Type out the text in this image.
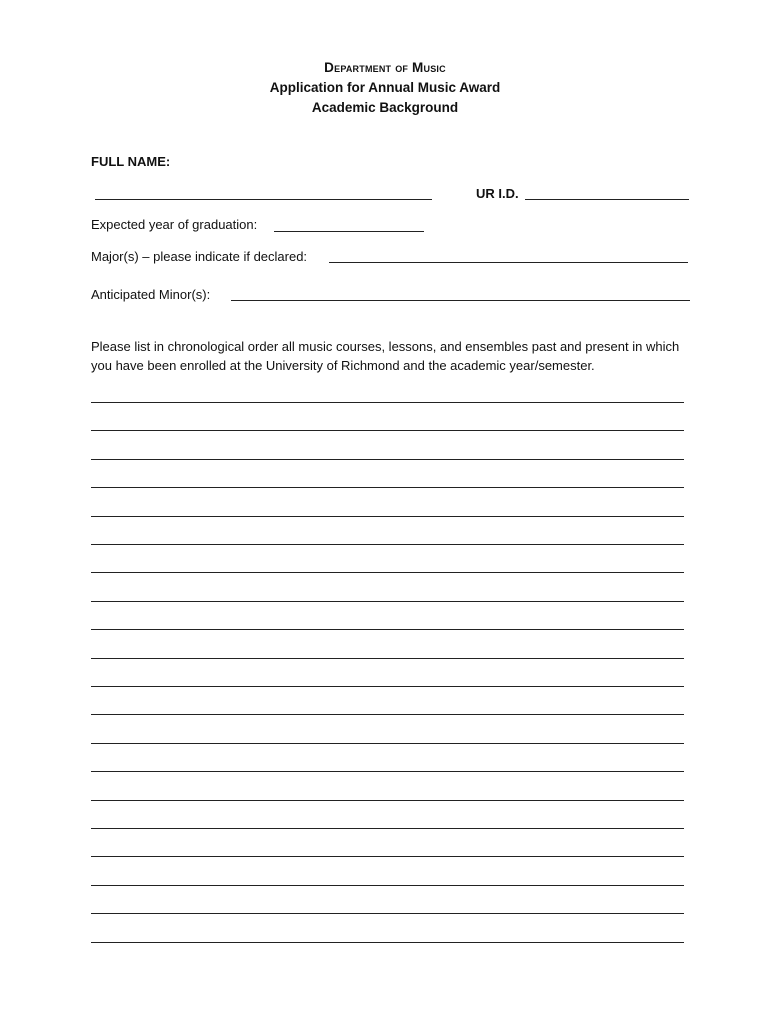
Department of Music
Application for Annual Music Award
Academic Background
FULL NAME:
UR I.D.
Expected year of graduation:
Major(s) – please indicate if declared:
Anticipated Minor(s):
Please list in chronological order all music courses, lessons, and ensembles past and present in which you have been enrolled at the University of Richmond and the academic year/semester.
